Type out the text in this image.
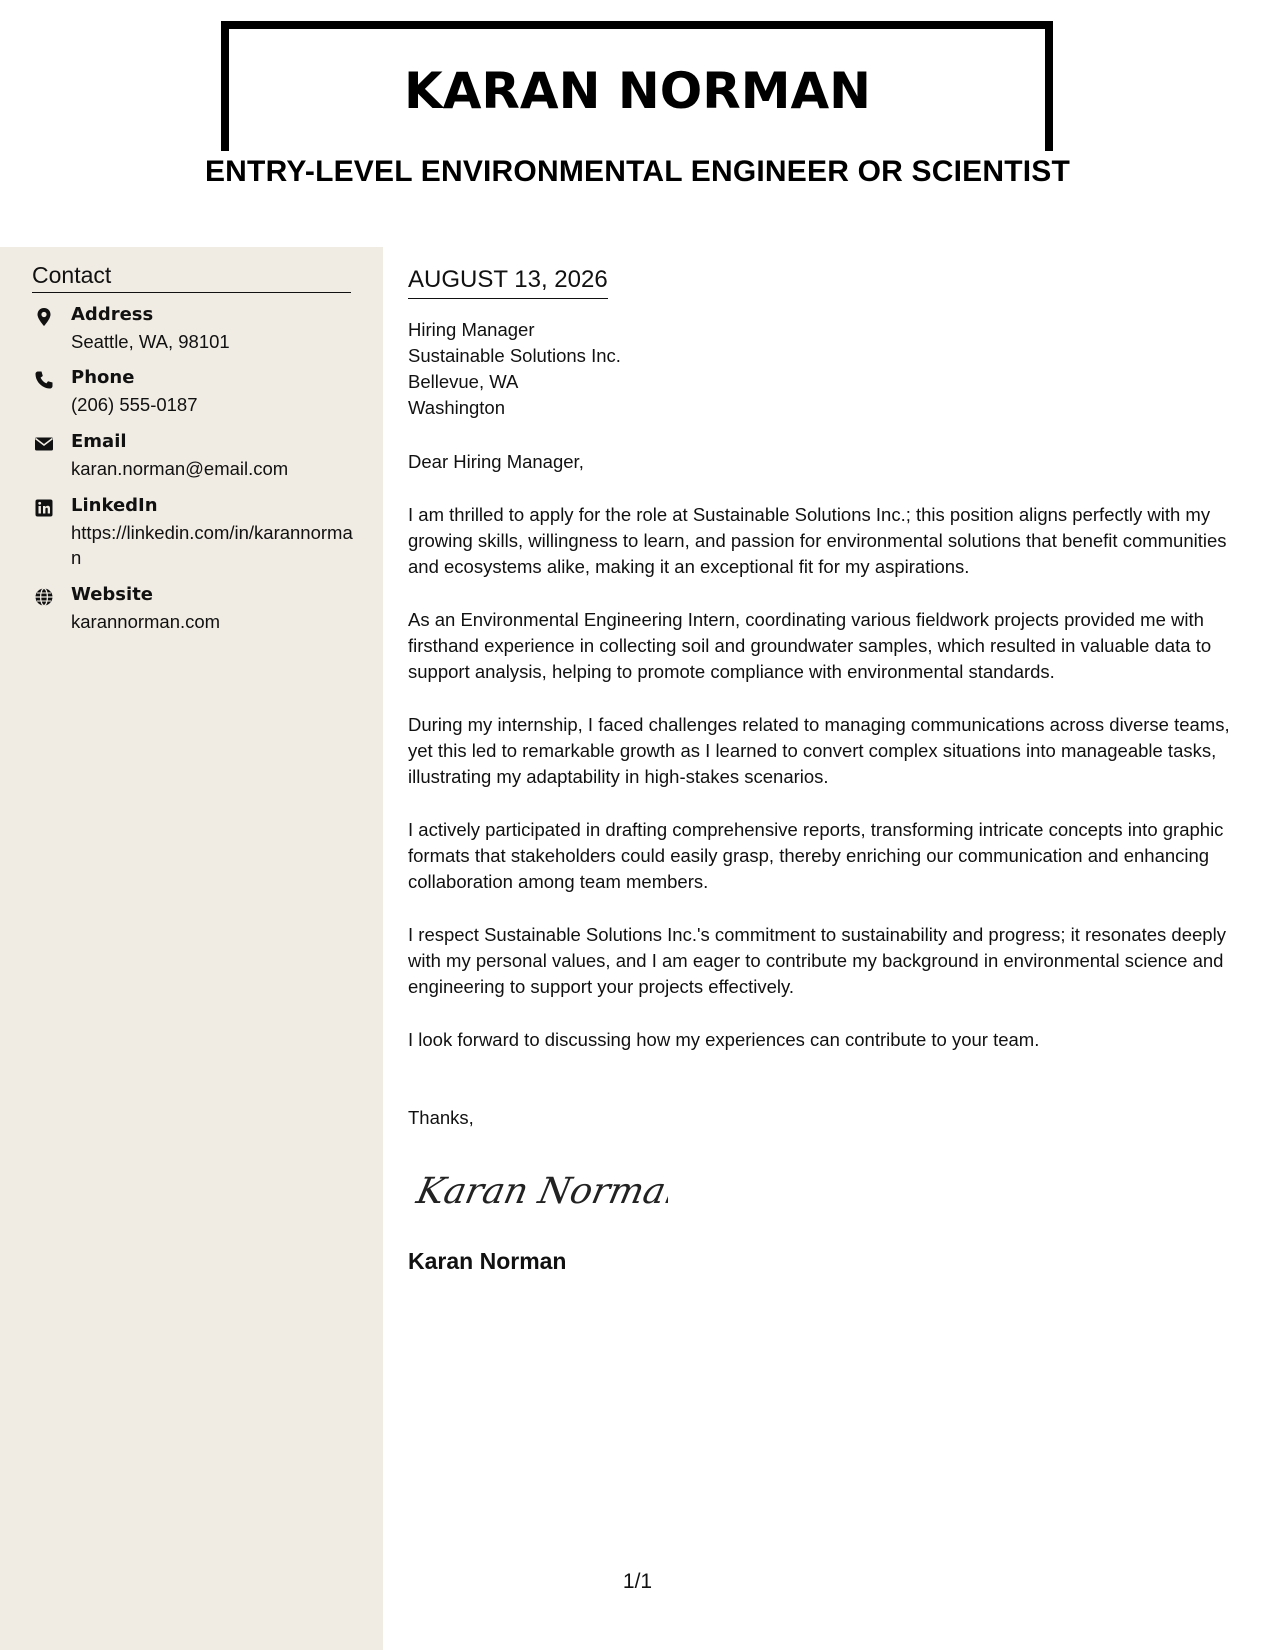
KARAN NORMAN
ENTRY-LEVEL ENVIRONMENTAL ENGINEER OR SCIENTIST
Contact
Address
Seattle, WA, 98101
Phone
(206) 555-0187
Email
karan.norman@email.com
LinkedIn
https://linkedin.com/in/karannorman
Website
karannorman.com
AUGUST 13, 2026
Hiring Manager
Sustainable Solutions Inc.
Bellevue, WA
Washington
Dear Hiring Manager,
I am thrilled to apply for the role at Sustainable Solutions Inc.; this position aligns perfectly with my growing skills, willingness to learn, and passion for environmental solutions that benefit communities and ecosystems alike, making it an exceptional fit for my aspirations.
As an Environmental Engineering Intern, coordinating various fieldwork projects provided me with firsthand experience in collecting soil and groundwater samples, which resulted in valuable data to support analysis, helping to promote compliance with environmental standards.
During my internship, I faced challenges related to managing communications across diverse teams, yet this led to remarkable growth as I learned to convert complex situations into manageable tasks, illustrating my adaptability in high-stakes scenarios.
I actively participated in drafting comprehensive reports, transforming intricate concepts into graphic formats that stakeholders could easily grasp, thereby enriching our communication and enhancing collaboration among team members.
I respect Sustainable Solutions Inc.'s commitment to sustainability and progress; it resonates deeply with my personal values, and I am eager to contribute my background in environmental science and engineering to support your projects effectively.
I look forward to discussing how my experiences can contribute to your team.
Thanks,
Karan Norman
Karan Norman
1/1
